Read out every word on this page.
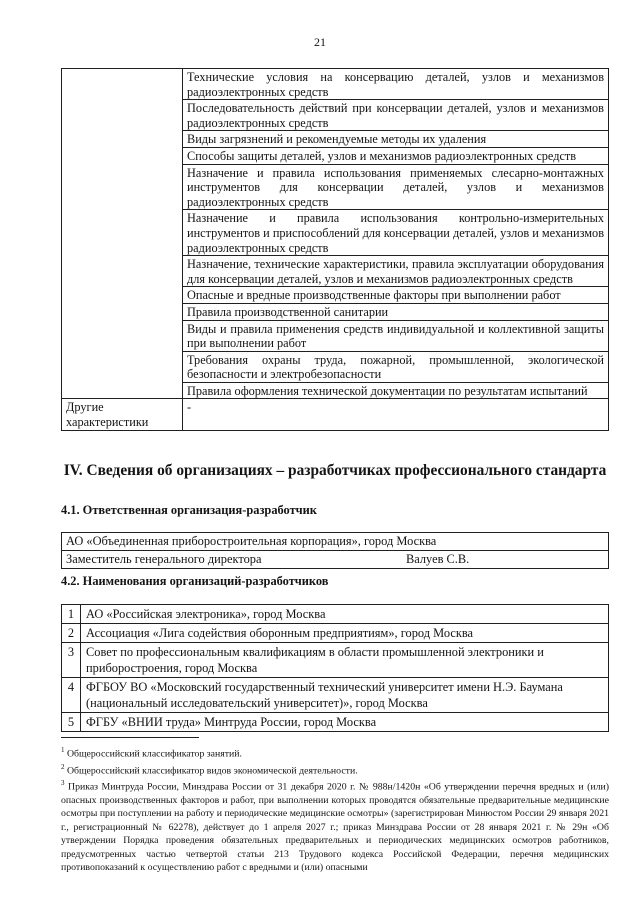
21
	Технические условия на консервацию деталей, узлов и механизмов радиоэлектронных средств
	Последовательность действий при консервации деталей, узлов и механизмов радиоэлектронных средств
	Виды загрязнений и рекомендуемые методы их удаления
	Способы защиты деталей, узлов и механизмов радиоэлектронных средств
	Назначение и правила использования применяемых слесарно-монтажных инструментов для консервации деталей, узлов и механизмов радиоэлектронных средств
	Назначение и правила использования контрольно-измерительных инструментов и приспособлений для консервации деталей, узлов и механизмов радиоэлектронных средств
	Назначение, технические характеристики, правила эксплуатации оборудования для консервации деталей, узлов и механизмов радиоэлектронных средств
	Опасные и вредные производственные факторы при выполнении работ
	Правила производственной санитарии
	Виды и правила применения средств индивидуальной и коллективной защиты при выполнении работ
	Требования охраны труда, пожарной, промышленной, экологической безопасности и электробезопасности
	Правила оформления технической документации по результатам испытаний
Другие характеристики	-
IV. Сведения об организациях – разработчиках профессионального стандарта
4.1. Ответственная организация-разработчик
АО «Объединенная приборостроительная корпорация», город Москва

Заместитель генерального директора	Валуев С.В.
4.2. Наименования организаций-разработчиков
1	АО «Российская электроника», город Москва
2	Ассоциация «Лига содействия оборонным предприятиям», город Москва
3	Совет по профессиональным квалификациям в области промышленной электроники и приборостроения, город Москва
4	ФГБОУ ВО «Московский государственный технический университет имени Н.Э. Баумана (национальный исследовательский университет)», город Москва
5	ФГБУ «ВНИИ труда» Минтруда России, город Москва

$^1$ Общероссийский классификатор занятий.

$^2$ Общероссийский классификатор видов экономической деятельности.

$^3$ Приказ Минтруда России, Минздрава России от 31 декабря 2020 г. № 988н/1420н «Об утверждении перечня вредных и (или) опасных производственных факторов и работ, при выполнении которых проводятся обязательные предварительные медицинские осмотры при поступлении на работу и периодические медицинские осмотры» (зарегистрирован Минюстом России 29 января 2021 г., регистрационный № 62278), действует до 1 апреля 2027 г.; приказ Минздрава России от 28 января 2021 г. № 29н «Об утверждении Порядка проведения обязательных предварительных и периодических медицинских осмотров работников, предусмотренных частью четвертой статьи 213 Трудового кодекса Российской Федерации, перечня медицинских противопоказаний к осуществлению работ с вредными и (или) опасными
